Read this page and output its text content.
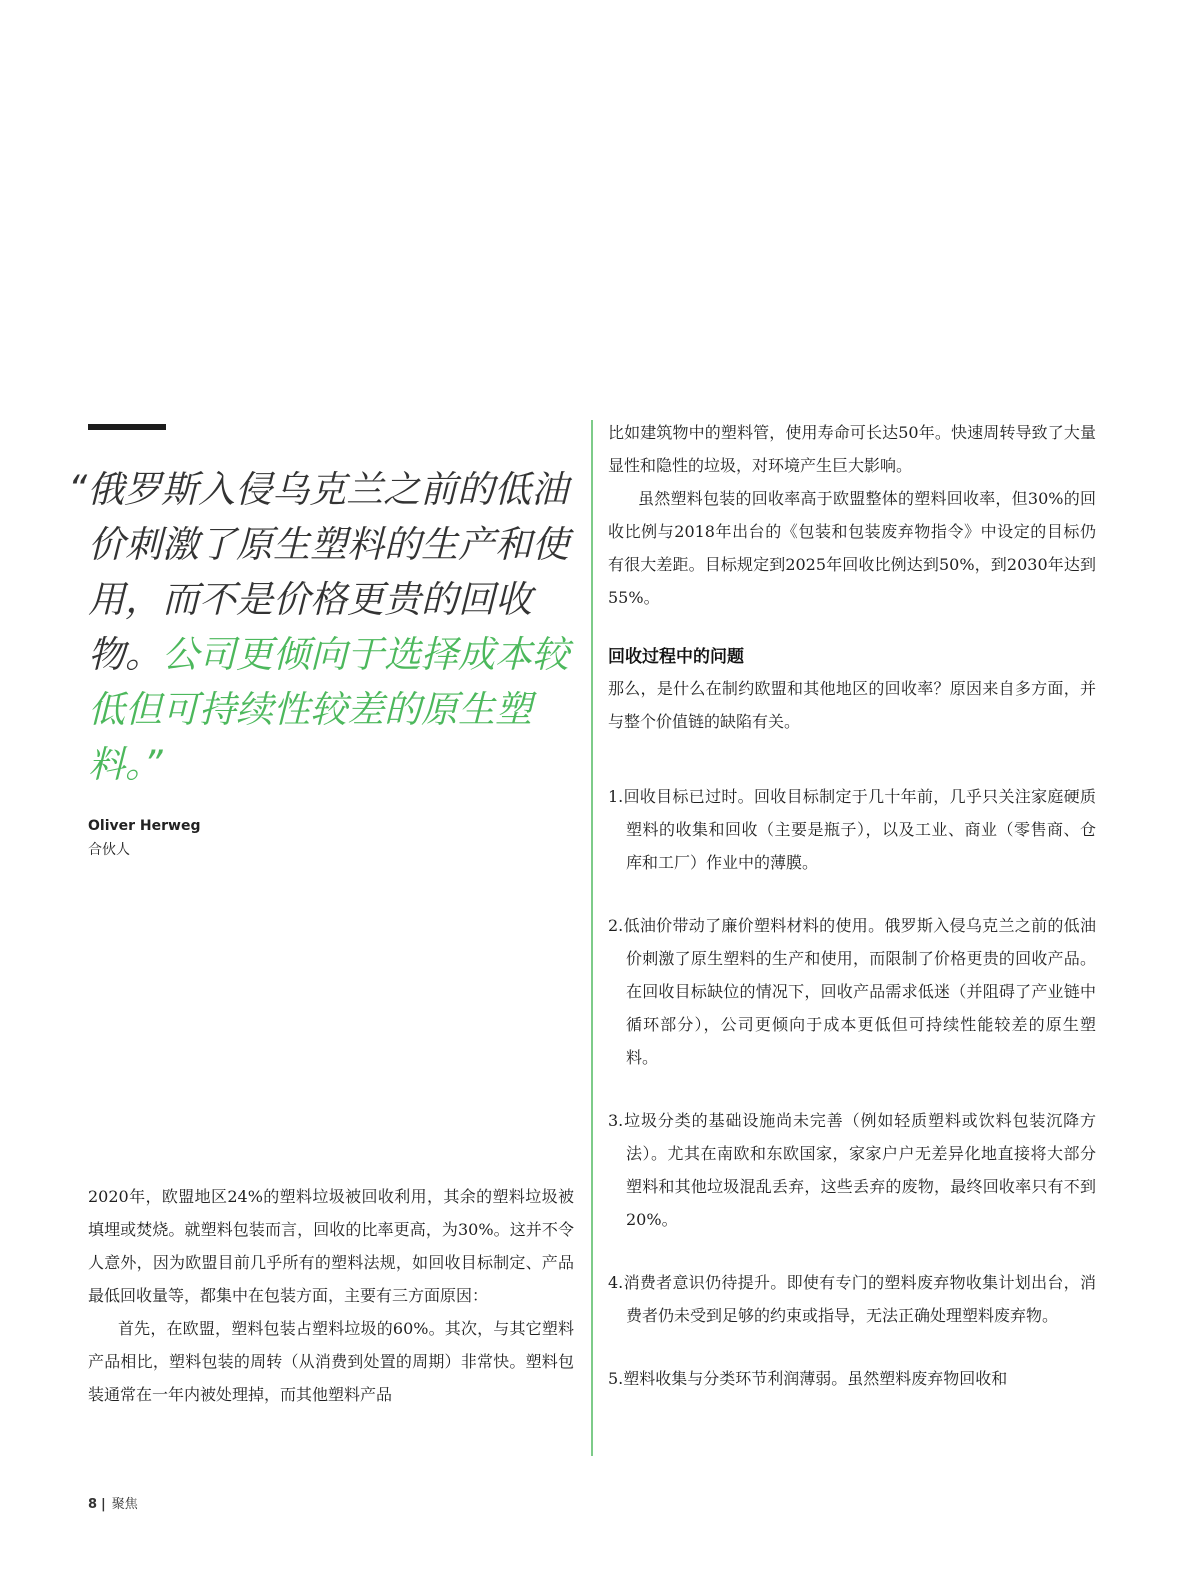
“俄罗斯入侵乌克兰之前的低油价刺激了原生塑料的生产和使用，而不是价格更贵的回收物。公司更倾向于选择成本较低但可持续性较差的原生塑料。”

Oliver Herweg
合伙人

2020年，欧盟地区24%的塑料垃圾被回收利用，其余的塑料垃圾被填埋或焚烧。就塑料包装而言，回收的比率更高，为30%。这并不令人意外，因为欧盟目前几乎所有的塑料法规，如回收目标制定、产品最低回收量等，都集中在包装方面，主要有三方面原因：

首先，在欧盟，塑料包装占塑料垃圾的60%。其次，与其它塑料产品相比，塑料包装的周转（从消费到处置的周期）非常快。塑料包装通常在一年内被处理掉，而其他塑料产品

比如建筑物中的塑料管，使用寿命可长达50年。快速周转导致了大量显性和隐性的垃圾，对环境产生巨大影响。

虽然塑料包装的回收率高于欧盟整体的塑料回收率，但30%的回收比例与2018年出台的《包装和包装废弃物指令》中设定的目标仍有很大差距。目标规定到2025年回收比例达到50%，到2030年达到55%。

回收过程中的问题

那么，是什么在制约欧盟和其他地区的回收率？原因来自多方面，并与整个价值链的缺陷有关。

1.回收目标已过时。回收目标制定于几十年前，几乎只关注家庭硬质塑料的收集和回收（主要是瓶子），以及工业、商业（零售商、仓库和工厂）作业中的薄膜。
2.低油价带动了廉价塑料材料的使用。俄罗斯入侵乌克兰之前的低油价刺激了原生塑料的生产和使用，而限制了价格更贵的回收产品。在回收目标缺位的情况下，回收产品需求低迷（并阻碍了产业链中循环部分），公司更倾向于成本更低但可持续性能较差的原生塑料。
3.垃圾分类的基础设施尚未完善（例如轻质塑料或饮料包装沉降方法）。尤其在南欧和东欧国家，家家户户无差异化地直接将大部分塑料和其他垃圾混乱丢弃，这些丢弃的废物，最终回收率只有不到20%。
4.消费者意识仍待提升。即使有专门的塑料废弃物收集计划出台，消费者仍未受到足够的约束或指导，无法正确处理塑料废弃物。
5.塑料收集与分类环节利润薄弱。虽然塑料废弃物回收和
8 | 聚焦
